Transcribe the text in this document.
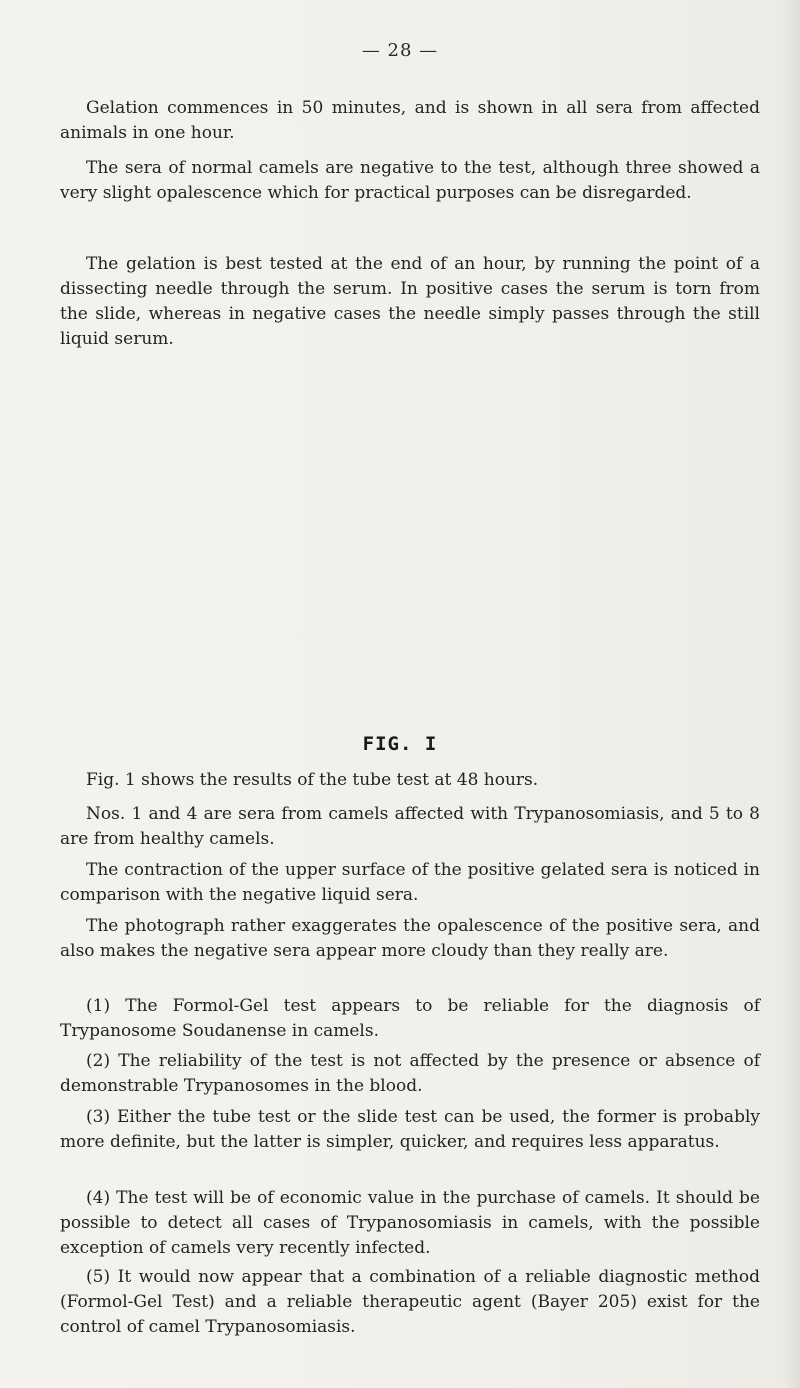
— 28 —

Gelation commences in 50 minutes, and is shown in all sera from affected animals in one hour.

The sera of normal camels are negative to the test, although three showed a very slight opalescence which for practical purposes can be disregarded.

The gelation is best tested at the end of an hour, by running the point of a dissecting needle through the serum. In positive cases the serum is torn from the slide, whereas in negative cases the needle simply passes through the still liquid serum.

FIG. I

Fig. 1 shows the results of the tube test at 48 hours.

Nos. 1 and 4 are sera from camels affected with Trypanosomiasis, and 5 to 8 are from healthy camels.

The contraction of the upper surface of the positive gelated sera is noticed in comparison with the negative liquid sera.

The photograph rather exaggerates the opalescence of the positive sera, and also makes the negative sera appear more cloudy than they really are.

(1) The Formol-Gel test appears to be reliable for the diagnosis of Trypanosome Soudanense in camels.

(2) The reliability of the test is not affected by the presence or absence of demonstrable Trypanosomes in the blood.

(3) Either the tube test or the slide test can be used, the former is probably more definite, but the latter is simpler, quicker, and requires less apparatus.

(4) The test will be of economic value in the purchase of camels. It should be possible to detect all cases of Trypanosomiasis in camels, with the possible exception of camels very recently infected.

(5) It would now appear that a combination of a reliable diagnostic method (Formol-Gel Test) and a reliable therapeutic agent (Bayer 205) exist for the control of camel Trypanosomiasis.
